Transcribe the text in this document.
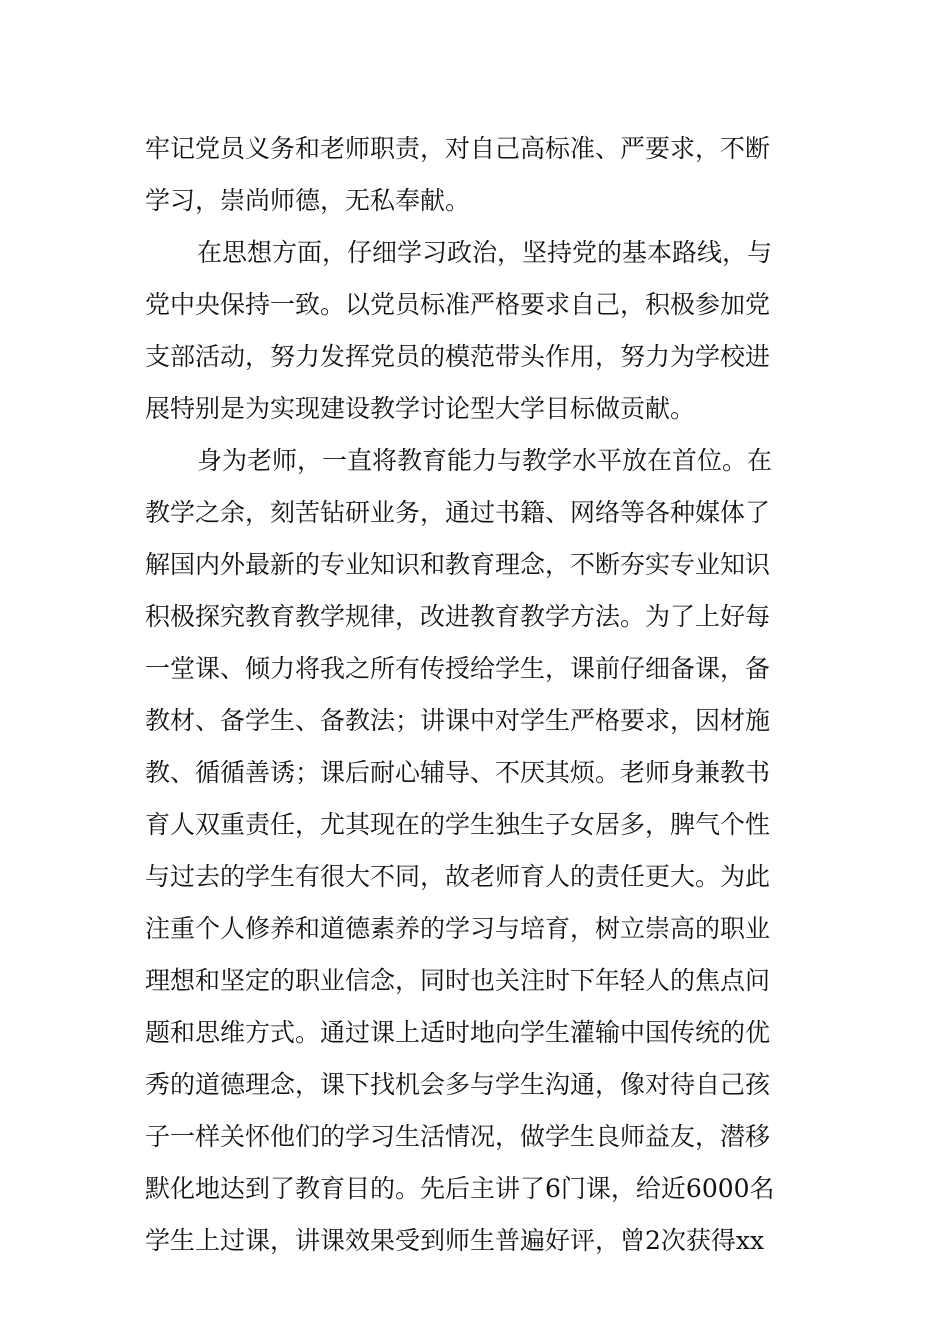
牢记党员义务和老师职责，对自己高标准、严要求，不断
学习，崇尚师德，无私奉献。
在思想方面，仔细学习政治，坚持党的基本路线，与
党中央保持一致。以党员标准严格要求自己，积极参加党
支部活动，努力发挥党员的模范带头作用，努力为学校进
展特别是为实现建设教学讨论型大学目标做贡献。
身为老师，一直将教育能力与教学水平放在首位。在
教学之余，刻苦钻研业务，通过书籍、网络等各种媒体了
解国内外最新的专业知识和教育理念，不断夯实专业知识
积极探究教育教学规律，改进教育教学方法。为了上好每
一堂课、倾力将我之所有传授给学生，课前仔细备课，备
教材、备学生、备教法；讲课中对学生严格要求，因材施
教、循循善诱；课后耐心辅导、不厌其烦。老师身兼教书
育人双重责任，尤其现在的学生独生子女居多，脾气个性
与过去的学生有很大不同，故老师育人的责任更大。为此
注重个人修养和道德素养的学习与培育，树立崇高的职业
理想和坚定的职业信念，同时也关注时下年轻人的焦点问
题和思维方式。通过课上适时地向学生灌输中国传统的优
秀的道德理念，课下找机会多与学生沟通，像对待自己孩
子一样关怀他们的学习生活情况，做学生良师益友，潜移
默化地达到了教育目的。先后主讲了6门课，给近6000名
学生上过课，讲课效果受到师生普遍好评，曾2次获得xx
